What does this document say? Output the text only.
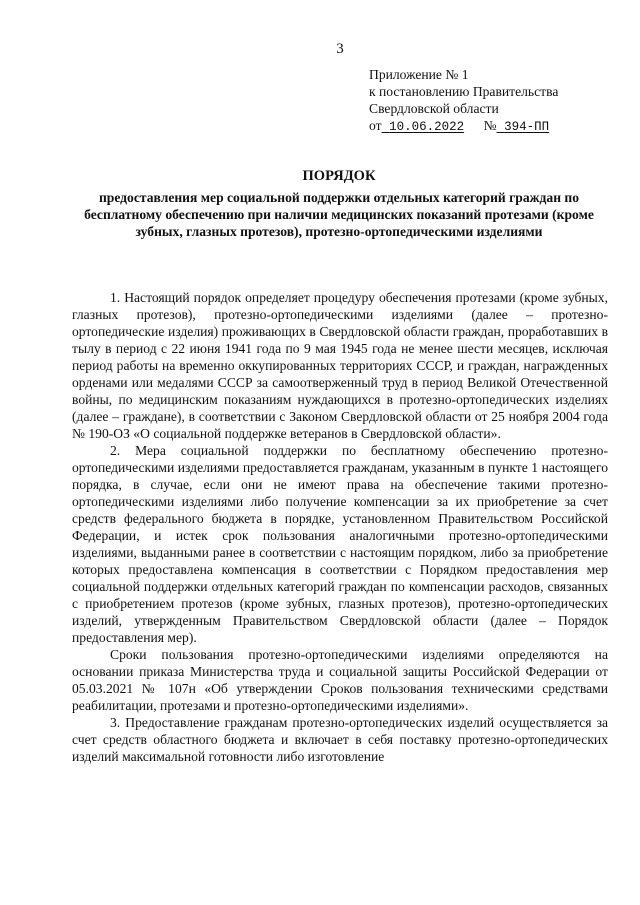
3
Приложение № 1
к постановлению Правительства
Свердловской области
от 10.06.2022 № 394-ПП
ПОРЯДОК
предоставления мер социальной поддержки отдельных категорий граждан по бесплатному обеспечению при наличии медицинских показаний протезами (кроме зубных, глазных протезов), протезно-ортопедическими изделиями

1. Настоящий порядок определяет процедуру обеспечения протезами (кроме зубных, глазных протезов), протезно-ортопедическими изделиями (далее – протезно-ортопедические изделия) проживающих в Свердловской области граждан, проработавших в тылу в период с 22 июня 1941 года по 9 мая 1945 года не менее шести месяцев, исключая период работы на временно оккупированных территориях СССР, и граждан, награжденных орденами или медалями СССР за самоотверженный труд в период Великой Отечественной войны, по медицинским показаниям нуждающихся в протезно-ортопедических изделиях (далее – граждане), в соответствии с Законом Свердловской области от 25 ноября 2004 года № 190-ОЗ «О социальной поддержке ветеранов в Свердловской области».

2. Мера социальной поддержки по бесплатному обеспечению протезно-ортопедическими изделиями предоставляется гражданам, указанным в пункте 1 настоящего порядка, в случае, если они не имеют права на обеспечение такими протезно-ортопедическими изделиями либо получение компенсации за их приобретение за счет средств федерального бюджета в порядке, установленном Правительством Российской Федерации, и истек срок пользования аналогичными протезно-ортопедическими изделиями, выданными ранее в соответствии с настоящим порядком, либо за приобретение которых предоставлена компенсация в соответствии с Порядком предоставления мер социальной поддержки отдельных категорий граждан по компенсации расходов, связанных с приобретением протезов (кроме зубных, глазных протезов), протезно-ортопедических изделий, утвержденным Правительством Свердловской области (далее – Порядок предоставления мер).

Сроки пользования протезно-ортопедическими изделиями определяются на основании приказа Министерства труда и социальной защиты Российской Федерации от 05.03.2021 № 107н «Об утверждении Сроков пользования техническими средствами реабилитации, протезами и протезно-ортопедическими изделиями».

3. Предоставление гражданам протезно-ортопедических изделий осуществляется за счет средств областного бюджета и включает в себя поставку протезно-ортопедических изделий максимальной готовности либо изготовление
